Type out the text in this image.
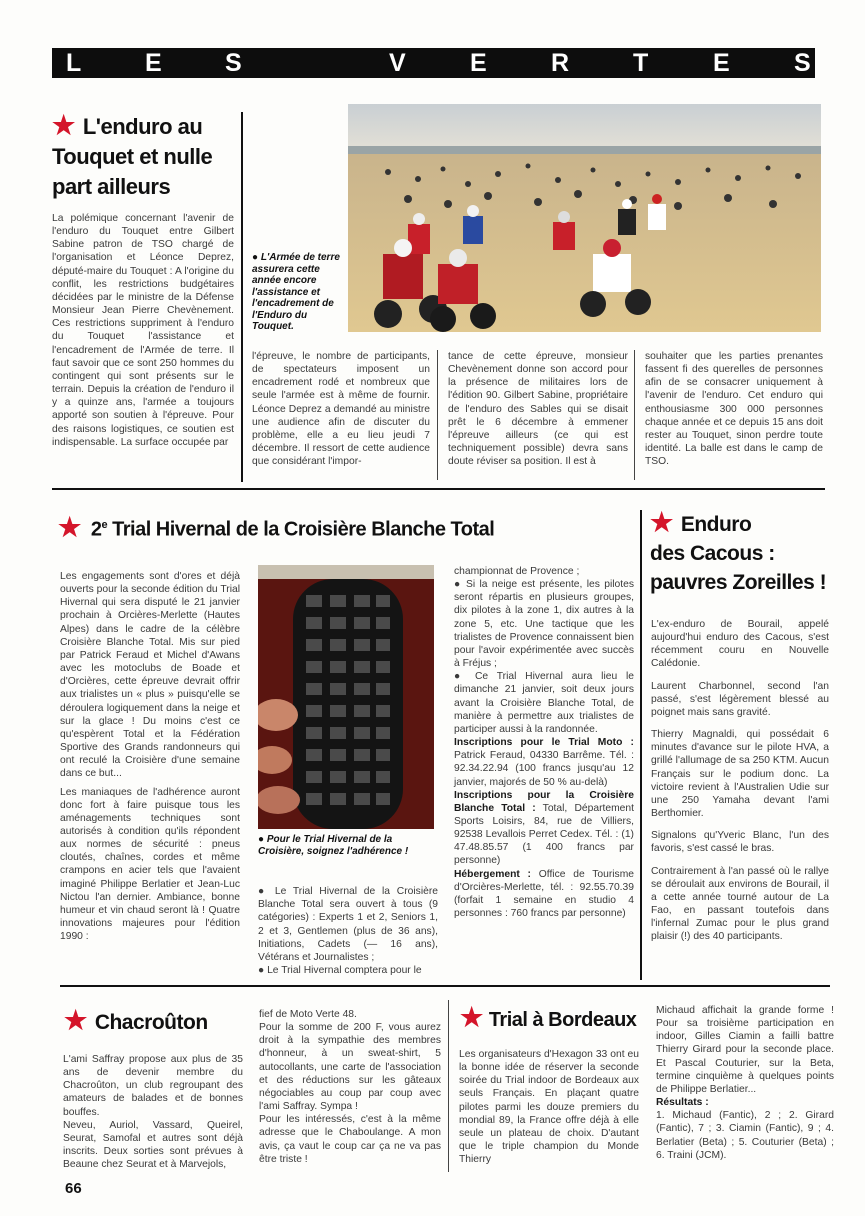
L	E	S	V	E	R	T	E	S
★ L'enduro au
Touquet et nulle
part ailleurs

La polémique concernant l'avenir de l'enduro du Touquet entre Gilbert Sabine patron de TSO chargé de l'organisation et Léonce Deprez, député-maire du Touquet : A l'origine du conflit, les restrictions budgétaires décidées par le ministre de la Défense Monsieur Jean Pierre Chevènement. Ces restrictions suppriment à l'enduro du Touquet l'assistance et l'encadrement de l'Armée de terre. Il faut savoir que ce sont 250 hommes du contingent qui sont présents sur le terrain. Depuis la création de l'enduro il y a quinze ans, l'armée a toujours apporté son soutien à l'épreuve. Pour des raisons logistiques, ce soutien est indispensable. La surface occupée par

● L'Armée de terre assurera cette année encore l'assistance et l'encadrement de l'Enduro du Touquet.

l'épreuve, le nombre de participants, de spectateurs imposent un encadrement rodé et nombreux que seule l'armée est à même de fournir. Léonce Deprez a demandé au ministre une audience afin de discuter du problème, elle a eu lieu jeudi 7 décembre. Il ressort de cette audience que considérant l'impor-

tance de cette épreuve, monsieur Chevènement donne son accord pour la présence de militaires lors de l'édition 90. Gilbert Sabine, propriétaire de l'enduro des Sables qui se disait prêt le 6 décembre à emmener l'épreuve ailleurs (ce qui est techniquement possible) devra sans doute réviser sa position. Il est à

souhaiter que les parties prenantes fassent fi des querelles de personnes afin de se consacrer uniquement à l'avenir de l'enduro. Cet enduro qui enthousiasme 300 000 personnes chaque année et ce depuis 15 ans doit rester au Touquet, sinon perdre toute identité. La balle est dans le camp de TSO.

★ 2e Trial Hivernal de la Croisière Blanche Total

Les engagements sont d'ores et déjà ouverts pour la seconde édition du Trial Hivernal qui sera disputé le 21 janvier prochain à Orcières-Merlette (Hautes Alpes) dans le cadre de la célèbre Croisière Blanche Total. Mis sur pied par Patrick Feraud et Michel d'Awans avec les motoclubs de Boade et d'Orcières, cette épreuve devrait offrir aux trialistes un « plus » puisqu'elle se déroulera logiquement dans la neige et sur la glace ! Du moins c'est ce qu'espèrent Total et la Fédération Sportive des Grands randonneurs qui ont reculé la Croisière d'une semaine dans ce but...

Les maniaques de l'adhérence auront donc fort à faire puisque tous les aménagements techniques sont autorisés à condition qu'ils répondent aux normes de sécurité : pneus cloutés, chaînes, cordes et même crampons en acier tels que l'avaient imaginé Philippe Berlatier et Jean-Luc Nictou l'an dernier. Ambiance, bonne humeur et vin chaud seront là ! Quatre innovations majeures pour l'édition 1990 :

● Pour le Trial Hivernal de la Croisière, soignez l'adhérence !

● Le Trial Hivernal de la Croisière Blanche Total sera ouvert à tous (9 catégories) : Experts 1 et 2, Seniors 1, 2 et 3, Gentlemen (plus de 36 ans), Initiations, Cadets (— 16 ans), Vétérans et Journalistes ;
● Le Trial Hivernal comptera pour le

championnat de Provence ;
● Si la neige est présente, les pilotes seront répartis en plusieurs groupes, dix pilotes à la zone 1, dix autres à la zone 5, etc. Une tactique que les trialistes de Provence connaissent bien pour l'avoir expérimentée avec succès à Fréjus ;
● Ce Trial Hivernal aura lieu le dimanche 21 janvier, soit deux jours avant la Croisière Blanche Total, de manière à permettre aux trialistes de participer aussi à la randonnée.

Inscriptions pour le Trial Moto : Patrick Feraud, 04330 Barrême. Tél. : 92.34.22.94 (100 francs jusqu'au 12 janvier, majorés de 50 % au-delà)

Inscriptions pour la Croisière Blanche Total : Total, Département Sports Loisirs, 84, rue de Villiers, 92538 Levallois Perret Cedex. Tél. : (1) 47.48.85.57 (1 400 francs par personne)

Hébergement : Office de Tourisme d'Orcières-Merlette, tél. : 92.55.70.39 (forfait 1 semaine en studio 4 personnes : 760 francs par personne)

★ Enduro
des Cacous :
pauvres Zoreilles !

L'ex-enduro de Bourail, appelé aujourd'hui enduro des Cacous, s'est récemment couru en Nouvelle Calédonie.

Laurent Charbonnel, second l'an passé, s'est légèrement blessé au poignet mais sans gravité.

Thierry Magnaldi, qui possédait 6 minutes d'avance sur le pilote HVA, a grillé l'allumage de sa 250 KTM. Aucun Français sur le podium donc. La victoire revient à l'Australien Udie sur une 250 Yamaha devant l'ami Berthomier.

Signalons qu'Yveric Blanc, l'un des favoris, s'est cassé le bras.

Contrairement à l'an passé où le rallye se déroulait aux environs de Bourail, il a cette année tourné autour de La Fao, en passant toutefois dans l'infernal Zumac pour le plus grand plaisir (!) des 40 participants.

★ Chacroûton

L'ami Saffray propose aux plus de 35 ans de devenir membre du Chacroûton, un club regroupant des amateurs de balades et de bonnes bouffes.

Neveu, Auriol, Vassard, Queirel, Seurat, Samofal et autres sont déjà inscrits. Deux sorties sont prévues à Beaune chez Seurat et à Marvejols,

fief de Moto Verte 48.

Pour la somme de 200 F, vous aurez droit à la sympathie des membres d'honneur, à un sweat-shirt, 5 autocollants, une carte de l'association et des réductions sur les gâteaux négociables au coup par coup avec l'ami Saffray. Sympa !

Pour les intéressés, c'est à la même adresse que le Chaboulange. A mon avis, ça vaut le coup car ça ne va pas être triste !

★ Trial à Bordeaux

Les organisateurs d'Hexagon 33 ont eu la bonne idée de réserver la seconde soirée du Trial indoor de Bordeaux aux seuls Français. En plaçant quatre pilotes parmi les douze premiers du mondial 89, la France offre déjà à elle seule un plateau de choix. D'autant que le triple champion du Monde Thierry

Michaud affichait la grande forme ! Pour sa troisième participation en indoor, Gilles Ciamin a failli battre Thierry Girard pour la seconde place. Et Pascal Couturier, sur la Beta, termine cinquième à quelques points de Philippe Berlatier...

Résultats :

1. Michaud (Fantic), 2 ; 2. Girard (Fantic), 7 ; 3. Ciamin (Fantic), 9 ; 4. Berlatier (Beta) ; 5. Couturier (Beta) ; 6. Traini (JCM).

66
